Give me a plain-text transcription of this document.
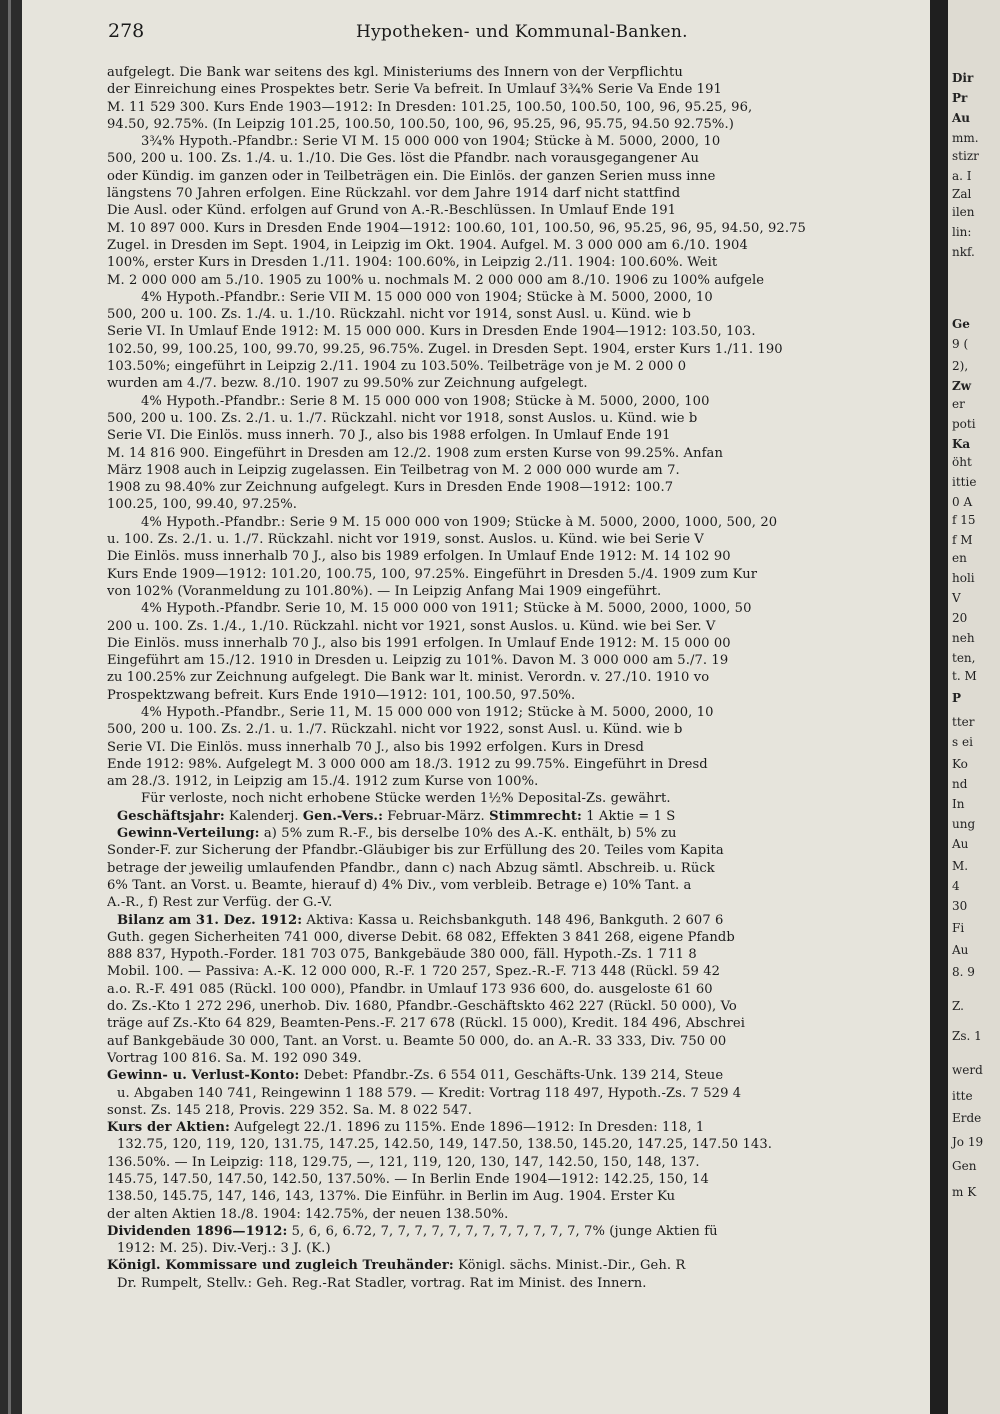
278	Hypotheken- und Kommunal-Banken.
aufgelegt. Die Bank war seitens des kgl. Ministeriums des Innern von der Verpflichtu
der Einreichung eines Prospektes betr. Serie Va befreit. In Umlauf 3¾% Serie Va Ende 191
M. 11 529 300. Kurs Ende 1903—1912: In Dresden: 101.25, 100.50, 100.50, 100, 96, 95.25, 96,
94.50, 92.75%. (In Leipzig 101.25, 100.50, 100.50, 100, 96, 95.25, 96, 95.75, 94.50 92.75%.)
3¾% Hypoth.-Pfandbr.: Serie VI M. 15 000 000 von 1904; Stücke à M. 5000, 2000, 10
500, 200 u. 100. Zs. 1./4. u. 1./10. Die Ges. löst die Pfandbr. nach vorausgegangener Au
oder Kündig. im ganzen oder in Teilbeträgen ein. Die Einlös. der ganzen Serien muss inne
längstens 70 Jahren erfolgen. Eine Rückzahl. vor dem Jahre 1914 darf nicht stattfind
Die Ausl. oder Künd. erfolgen auf Grund von A.-R.-Beschlüssen. In Umlauf Ende 191
M. 10 897 000. Kurs in Dresden Ende 1904—1912: 100.60, 101, 100.50, 96, 95.25, 96, 95, 94.50, 92.75
Zugel. in Dresden im Sept. 1904, in Leipzig im Okt. 1904. Aufgel. M. 3 000 000 am 6./10. 1904
100%, erster Kurs in Dresden 1./11. 1904: 100.60%, in Leipzig 2./11. 1904: 100.60%. Weit
M. 2 000 000 am 5./10. 1905 zu 100% u. nochmals M. 2 000 000 am 8./10. 1906 zu 100% aufgele
4% Hypoth.-Pfandbr.: Serie VII M. 15 000 000 von 1904; Stücke à M. 5000, 2000, 10
500, 200 u. 100. Zs. 1./4. u. 1./10. Rückzahl. nicht vor 1914, sonst Ausl. u. Künd. wie b
Serie VI. In Umlauf Ende 1912: M. 15 000 000. Kurs in Dresden Ende 1904—1912: 103.50, 103.
102.50, 99, 100.25, 100, 99.70, 99.25, 96.75%. Zugel. in Dresden Sept. 1904, erster Kurs 1./11. 190
103.50%; eingeführt in Leipzig 2./11. 1904 zu 103.50%. Teilbeträge von je M. 2 000 0
wurden am 4./7. bezw. 8./10. 1907 zu 99.50% zur Zeichnung aufgelegt.
4% Hypoth.-Pfandbr.: Serie 8 M. 15 000 000 von 1908; Stücke à M. 5000, 2000, 100
500, 200 u. 100. Zs. 2./1. u. 1./7. Rückzahl. nicht vor 1918, sonst Auslos. u. Künd. wie b
Serie VI. Die Einlös. muss innerh. 70 J., also bis 1988 erfolgen. In Umlauf Ende 191
M. 14 816 900. Eingeführt in Dresden am 12./2. 1908 zum ersten Kurse von 99.25%. Anfan
März 1908 auch in Leipzig zugelassen. Ein Teilbetrag von M. 2 000 000 wurde am 7.
1908 zu 98.40% zur Zeichnung aufgelegt. Kurs in Dresden Ende 1908—1912: 100.7
100.25, 100, 99.40, 97.25%.
4% Hypoth.-Pfandbr.: Serie 9 M. 15 000 000 von 1909; Stücke à M. 5000, 2000, 1000, 500, 20
u. 100. Zs. 2./1. u. 1./7. Rückzahl. nicht vor 1919, sonst. Auslos. u. Künd. wie bei Serie V
Die Einlös. muss innerhalb 70 J., also bis 1989 erfolgen. In Umlauf Ende 1912: M. 14 102 90
Kurs Ende 1909—1912: 101.20, 100.75, 100, 97.25%. Eingeführt in Dresden 5./4. 1909 zum Kur
von 102% (Voranmeldung zu 101.80%). — In Leipzig Anfang Mai 1909 eingeführt.
4% Hypoth.-Pfandbr. Serie 10, M. 15 000 000 von 1911; Stücke à M. 5000, 2000, 1000, 50
200 u. 100. Zs. 1./4., 1./10. Rückzahl. nicht vor 1921, sonst Auslos. u. Künd. wie bei Ser. V
Die Einlös. muss innerhalb 70 J., also bis 1991 erfolgen. In Umlauf Ende 1912: M. 15 000 00
Eingeführt am 15./12. 1910 in Dresden u. Leipzig zu 101%. Davon M. 3 000 000 am 5./7. 19
zu 100.25% zur Zeichnung aufgelegt. Die Bank war lt. minist. Verordn. v. 27./10. 1910 vo
Prospektzwang befreit. Kurs Ende 1910—1912: 101, 100.50, 97.50%.
4% Hypoth.-Pfandbr., Serie 11, M. 15 000 000 von 1912; Stücke à M. 5000, 2000, 10
500, 200 u. 100. Zs. 2./1. u. 1./7. Rückzahl. nicht vor 1922, sonst Ausl. u. Künd. wie b
Serie VI. Die Einlös. muss innerhalb 70 J., also bis 1992 erfolgen. Kurs in Dresd
Ende 1912: 98%. Aufgelegt M. 3 000 000 am 18./3. 1912 zu 99.75%. Eingeführt in Dresd
am 28./3. 1912, in Leipzig am 15./4. 1912 zum Kurse von 100%.
Für verloste, noch nicht erhobene Stücke werden 1½% Deposital-Zs. gewährt.
Geschäftsjahr: Kalenderj. Gen.-Vers.: Februar-März. Stimmrecht: 1 Aktie = 1 S
Gewinn-Verteilung: a) 5% zum R.-F., bis derselbe 10% des A.-K. enthält, b) 5% zu
Sonder-F. zur Sicherung der Pfandbr.-Gläubiger bis zur Erfüllung des 20. Teiles vom Kapita
betrage der jeweilig umlaufenden Pfandbr., dann c) nach Abzug sämtl. Abschreib. u. Rück
6% Tant. an Vorst. u. Beamte, hierauf d) 4% Div., vom verbleib. Betrage e) 10% Tant. a
A.-R., f) Rest zur Verfüg. der G.-V.
Bilanz am 31. Dez. 1912: Aktiva: Kassa u. Reichsbankguth. 148 496, Bankguth. 2 607 6
Guth. gegen Sicherheiten 741 000, diverse Debit. 68 082, Effekten 3 841 268, eigene Pfandb
888 837, Hypoth.-Forder. 181 703 075, Bankgebäude 380 000, fäll. Hypoth.-Zs. 1 711 8
Mobil. 100. — Passiva: A.-K. 12 000 000, R.-F. 1 720 257, Spez.-R.-F. 713 448 (Rückl. 59 42
a.o. R.-F. 491 085 (Rückl. 100 000), Pfandbr. in Umlauf 173 936 600, do. ausgeloste 61 60
do. Zs.-Kto 1 272 296, unerhob. Div. 1680, Pfandbr.-Geschäftskto 462 227 (Rückl. 50 000), Vo
träge auf Zs.-Kto 64 829, Beamten-Pens.-F. 217 678 (Rückl. 15 000), Kredit. 184 496, Abschrei
auf Bankgebäude 30 000, Tant. an Vorst. u. Beamte 50 000, do. an A.-R. 33 333, Div. 750 00
Vortrag 100 816. Sa. M. 192 090 349.
Gewinn- u. Verlust-Konto: Debet: Pfandbr.-Zs. 6 554 011, Geschäfts-Unk. 139 214, Steue
u. Abgaben 140 741, Reingewinn 1 188 579. — Kredit: Vortrag 118 497, Hypoth.-Zs. 7 529 4
sonst. Zs. 145 218, Provis. 229 352. Sa. M. 8 022 547.
Kurs der Aktien: Aufgelegt 22./1. 1896 zu 115%. Ende 1896—1912: In Dresden: 118, 1
132.75, 120, 119, 120, 131.75, 147.25, 142.50, 149, 147.50, 138.50, 145.20, 147.25, 147.50 143.
136.50%. — In Leipzig: 118, 129.75, —, 121, 119, 120, 130, 147, 142.50, 150, 148, 137.
145.75, 147.50, 147.50, 142.50, 137.50%. — In Berlin Ende 1904—1912: 142.25, 150, 14
138.50, 145.75, 147, 146, 143, 137%. Die Einführ. in Berlin im Aug. 1904. Erster Ku
der alten Aktien 18./8. 1904: 142.75%, der neuen 138.50%.
Dividenden 1896—1912: 5, 6, 6, 6.72, 7, 7, 7, 7, 7, 7, 7, 7, 7, 7, 7, 7, 7% (junge Aktien fü
1912: M. 25). Div.-Verj.: 3 J. (K.)
Königl. Kommissare und zugleich Treuhänder: Königl. sächs. Minist.-Dir., Geh. R
Dr. Rumpelt, Stellv.: Geh. Reg.-Rat Stadler, vortrag. Rat im Minist. des Innern.
Dir
Pr
Au
mm.
stizr
a. I
Zal
ilen
lin:
nkf.
Ge
9 (
2),
Zw
er
poti
Ka
öht
ittie
0 A
f 15
f M
en
holi
V
20
neh
ten,
t. M
P
tter
s ei
Ko
nd
In
ung
Au
M.
4
30
Fi
Au
8. 9
Z.
Zs. 1
werd
itte
Erde
Jo 19
Gen
m K
